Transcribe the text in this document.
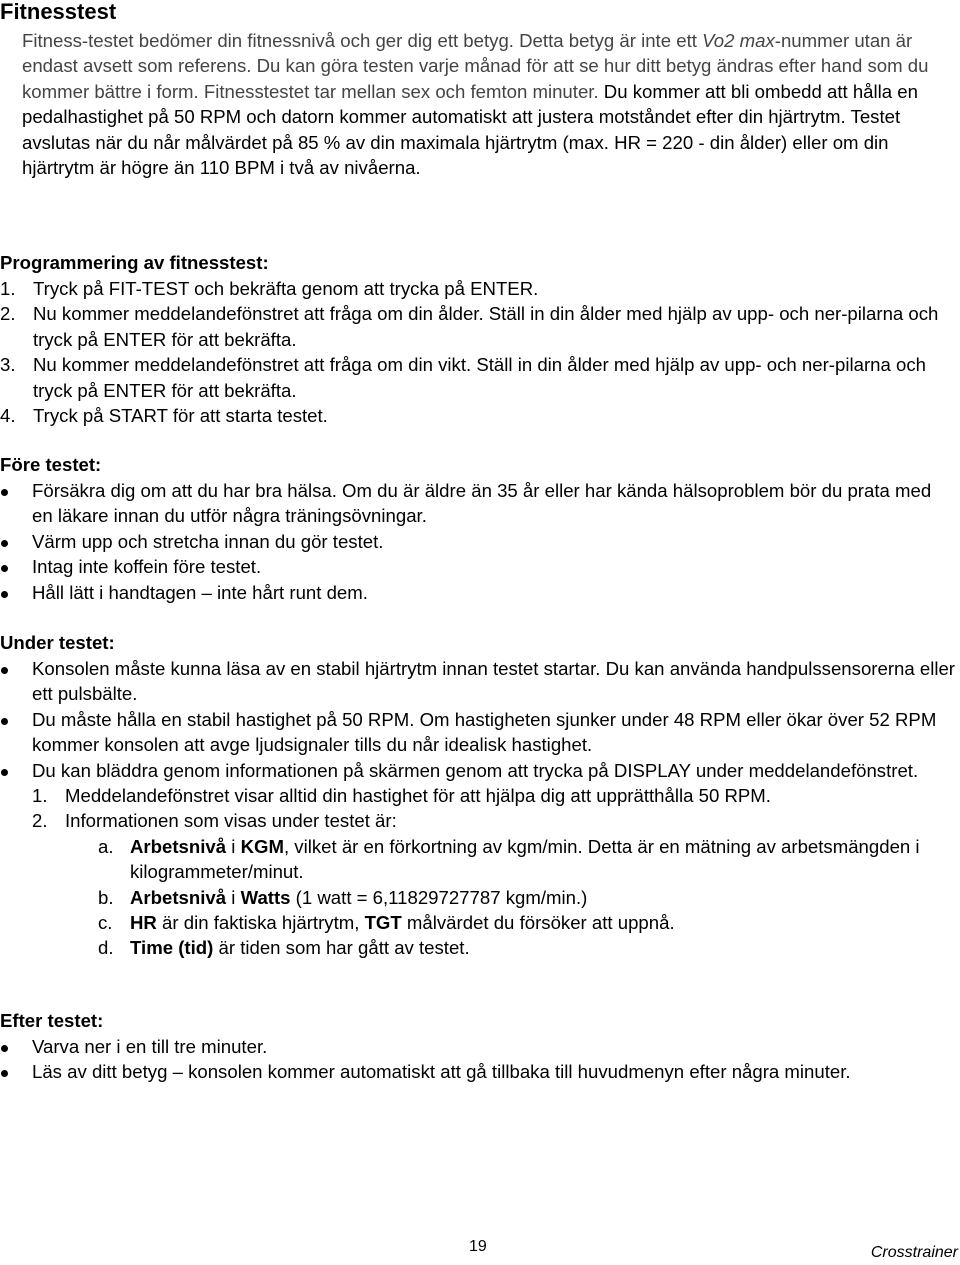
Fitnesstest

Fitness-testet bedömer din fitnessnivå och ger dig ett betyg. Detta betyg är inte ett Vo2 max-nummer utan är endast avsett som referens. Du kan göra testen varje månad för att se hur ditt betyg ändras efter hand som du kommer bättre i form. Fitnesstestet tar mellan sex och femton minuter. Du kommer att bli ombedd att hålla en pedalhastighet på 50 RPM och datorn kommer automatiskt att justera motståndet efter din hjärtrytm. Testet avslutas när du når målvärdet på 85 % av din maximala hjärtrytm (max. HR = 220 - din ålder) eller om din hjärtrytm är högre än 110 BPM i två av nivåerna.

Programmering av fitnesstest:
1. Tryck på FIT-TEST och bekräfta genom att trycka på ENTER.
2. Nu kommer meddelandefönstret att fråga om din ålder. Ställ in din ålder med hjälp av upp- och ner-pilarna och tryck på ENTER för att bekräfta.
3. Nu kommer meddelandefönstret att fråga om din vikt. Ställ in din ålder med hjälp av upp- och ner-pilarna och tryck på ENTER för att bekräfta.
4. Tryck på START för att starta testet.
Före testet:
Försäkra dig om att du har bra hälsa. Om du är äldre än 35 år eller har kända hälsoproblem bör du prata med en läkare innan du utför några träningsövningar.
Värm upp och stretcha innan du gör testet.
Intag inte koffein före testet.
Håll lätt i handtagen – inte hårt runt dem.
Under testet:
Konsolen måste kunna läsa av en stabil hjärtrytm innan testet startar. Du kan använda handpulssensorerna eller ett pulsbälte.
Du måste hålla en stabil hastighet på 50 RPM. Om hastigheten sjunker under 48 RPM eller ökar över 52 RPM kommer konsolen att avge ljudsignaler tills du når idealisk hastighet.
Du kan bläddra genom informationen på skärmen genom att trycka på DISPLAY under meddelandefönstret.
1. Meddelandefönstret visar alltid din hastighet för att hjälpa dig att upprätthålla 50 RPM.
2. Informationen som visas under testet är:
a. Arbetsnivå i KGM, vilket är en förkortning av kgm/min. Detta är en mätning av arbetsmängden i kilogrammeter/minut.
b. Arbetsnivå i Watts (1 watt = 6,11829727787 kgm/min.)
c. HR är din faktiska hjärtrytm, TGT målvärdet du försöker att uppnå.
d. Time (tid) är tiden som har gått av testet.
Efter testet:
Varva ner i en till tre minuter.
Läs av ditt betyg – konsolen kommer automatiskt att gå tillbaka till huvudmenyn efter några minuter.
19	Crosstrainer
